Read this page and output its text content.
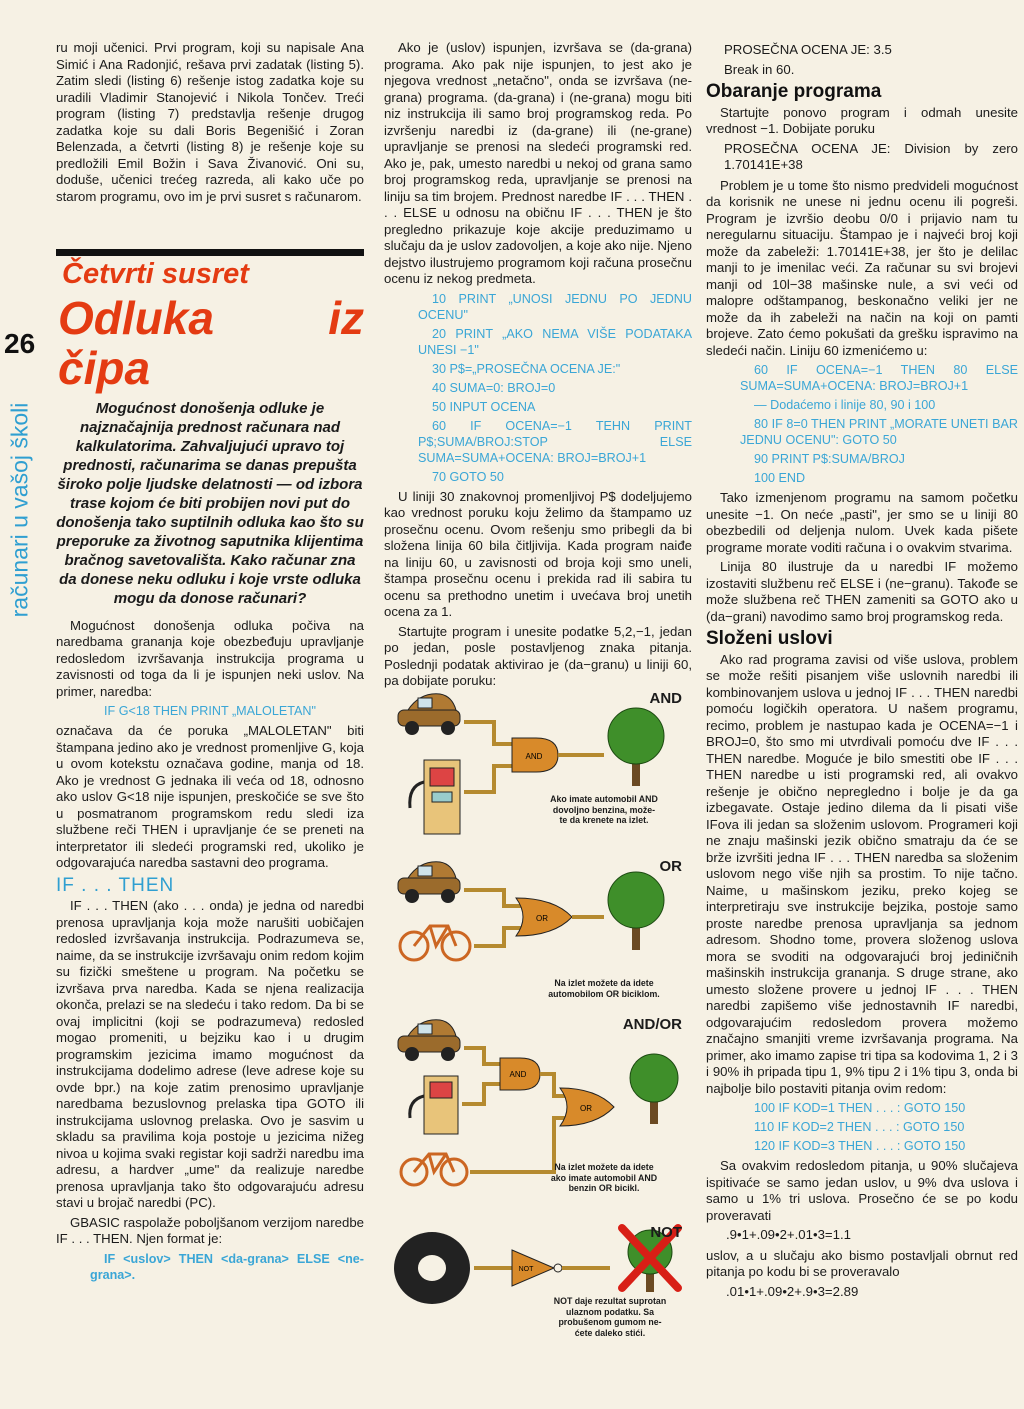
26
računari u vašoj školi

ru moji učenici. Prvi program, koji su napisale Ana Simić i Ana Radonjić, rešava prvi zadatak (listing 5). Zatim sledi (listing 6) rešenje istog zadatka koje su uradili Vladimir Stanojević i Nikola Tončev. Treći program (listing 7) predstavlja rešenje drugog zadatka koje su dali Boris Begenišić i Zoran Belenzada, a četvrti (listing 8) je rešenje koje su predložili Emil Božin i Sava Živanović. Oni su, doduše, učenici trećeg razreda, ali kako uče po starom programu, ovo im je prvi susret s računarom.

Četvrti susret
Odluka iz čipa
Mogućnost donošenja odluke je najznačajnija prednost računara nad kalkulatorima. Zahvaljujući upravo toj prednosti, računarima se danas prepušta široko polje ljudske delatnosti — od izbora trase kojom će biti probijen novi put do donošenja tako suptilnih odluka kao što su preporuke za životnog saputnika klijentima bračnog savetovališta. Kako računar zna da donese neku odluku i koje vrste odluka mogu da donose računari?

Mogućnost donošenja odluka počiva na naredbama grananja koje obezbeđuju upravljanje redosledom izvršavanja instrukcija programa u zavisnosti od toga da li je ispunjen neki uslov. Na primer, naredba:

IF G<18 THEN PRINT „MALOLETAN"

označava da će poruka „MALOLETAN" biti štampana jedino ako je vrednost promenljive G, koja u ovom kotekstu označava godine, manja od 18. Ako je vrednost G jednaka ili veća od 18, odnosno ako uslov G<18 nije ispunjen, preskočiće se sve što u posmatranom programskom redu sledi iza službene reči THEN i upravljanje će se preneti na interpretator ili sledeći programski red, ukoliko je odgovarajuća naredba sastavni deo programa.

IF . . . THEN

IF . . . THEN (ako . . . onda) je jedna od naredbi prenosa upravljanja koja može narušiti uobičajen redosled izvršavanja instrukcija. Podrazumeva se, naime, da se instrukcije izvršavaju onim redom kojim su fizički smeštene u program. Na početku se izvršava prva naredba. Kada se njena realizacija okonča, prelazi se na sledeću i tako redom. Da bi se ovaj implicitni (koji se podrazumeva) redosled mogao promeniti, u bejziku kao i u drugim programskim jezicima imamo mogućnost da instrukcijama dodelimo adrese (leve adrese koje su ovde bpr.) na koje zatim prenosimo upravljanje naredbama bezuslovnog prelaska tipa GOTO ili instrukcijama uslovnog prelaska. Ovo je sasvim u skladu sa pravilima koja postoje u jezicima nižeg nivoa u kojima svaki registar koji sadrži naredbu ima adresu, a hardver „ume" da realizuje naredbe prenosa upravljanja tako što odgovarajuću adresu stavi u brojač naredbi (PC).

GBASIC raspolaže poboljšanom verzijom naredbe IF . . . THEN. Njen format je:

IF <uslov> THEN <da-grana> ELSE <ne-grana>.

Ako je (uslov) ispunjen, izvršava se (da-grana) programa. Ako pak nije ispunjen, to jest ako je njegova vrednost „netačno", onda se izvršava (ne-grana) programa. (da-grana) i (ne-grana) mogu biti niz instrukcija ili samo broj programskog reda. Po izvršenju naredbi iz (da-grane) ili (ne-grane) upravljanje se prenosi na sledeći programski red. Ako je, pak, umesto naredbi u nekoj od grana samo broj programskog reda, upravljanje se prenosi na liniju sa tim brojem. Prednost naredbe IF . . . THEN . . . ELSE u odnosu na običnu IF . . . THEN je što preglednо prikazuje koje akcije preduzimamo u slučaju da je uslov zadovoljen, a koje ako nije. Njeno dejstvo ilustrujemo programom koji računa prosečnu ocenu iz nekog predmeta.

10 PRINT „UNOSI JEDNU PO JEDNU OCENU"

20 PRINT „AKO NEMA VIŠE PODATAKA UNESI −1"

30 P$=„PROSEČNA OCENA JE:"

40 SUMA=0: BROJ=0

50 INPUT OCENA

60 IF OCENA=−1 TEHN PRINT P$;SUMA/BROJ:STOP ELSE SUMA=SUMA+OCENA: BROJ=BROJ+1

70 GOTO 50

U liniji 30 znakovnoj promenljivoj P$ dodeljujemo kao vrednost poruku koju želimo da štampamo uz prosečnu ocenu. Ovom rešenju smo pribegli da bi složena linija 60 bila čitljivija. Kada program naiđe na liniju 60, u zavisnosti od broja koji smo uneli, štampa prosečnu ocenu i prekida rad ili sabira tu ocenu sa prethodno unetim i uvećava broj unetih ocena za 1.

Startujte program i unesite podatke 5,2,−1, jedan po jedan, posle postavljenog znaka pitanja. Poslednji podatak aktivirao je (da−granu) u liniji 60, pa dobijate poruku:

AND
AND
Ako imate automobil AND
dovoljno benzina, može-
te da krenete na izlet.
OR
OR
Na izlet možete da idete
automobilom OR biciklom.
AND
OR
AND/OR
Na izlet možete da idete
ako imate automobil AND
benzin OR bicikl.
NOT
NOT
NOT daje rezultat suprotan
ulaznom podatku. Sa
probušenom gumom ne-
ćete daleko stići.

PROSEČNA OCENA JE: 3.5

Break in 60.

Obaranje programa

Startujte ponovo program i odmah unesite vrednost −1. Dobijate poruku

PROSEČNA OCENA JE: Division by zero 1.70141E+38

Problem je u tome što nismo predvideli mogućnost da korisnik ne unese ni jednu ocenu ili pogreši. Program je izvršio deobu 0/0 i prijavio nam tu neregularnu situaciju. Štampao je i najveći broj koji može da zabeleži: 1.70141E+38, jer što je delilac manji to je imenilac veći. Za računar su svi brojevi manji od 10l−38 mašinske nule, a svi veći od malopre odštampanog, beskonačno veliki jer ne može da ih zabeleži na način na koji on pamti brojeve. Zato ćemo pokušati da grešku ispravimo na sledeći način. Liniju 60 izmenićemo u:

60 IF OCENA=−1 THEN 80 ELSE SUMA=SUMA+OCENA: BROJ=BROJ+1

— Dodaćemo i linije 80, 90 i 100

80 IF 8=0 THEN PRINT „MORATE UNETI BAR JEDNU OCENU": GOTO 50

90 PRINT P$:SUMA/BROJ

100 END

Tako izmenjenom programu na samom početku unesite −1. On neće „pasti", jer smo se u liniji 80 obezbedili od deljenja nulom. Uvek kada pišete programe morate voditi računa i o ovakvim stvarima.

Linija 80 ilustruje da u naredbi IF možemo izostaviti službenu reč ELSE i (ne−granu). Takođe se može službena reč THEN zameniti sa GOTO ako u (da−grani) navodimo samo broj programskog reda.

Složeni uslovi

Ako rad programa zavisi od više uslova, problem se može rešiti pisanjem više uslovnih naredbi ili kombinovanjem uslova u jednoj IF . . . THEN naredbi pomoću logičkih operatora. U našem programu, recimo, problem je nastupao kada je OCENA=−1 i BROJ=0, što smo mi utvrdivali pomoću dve IF . . . THEN naredbe. Moguće je bilo smestiti obe IF . . . THEN naredbe u isti programski red, ali ovakvo rešenje je obično nepregledno i bolje je da ga izbegavate. Ostaje jedino dilema da li pisati više IFova ili jedan sa složenim uslovom. Programeri koji ne znaju mašinski jezik obično smatraju da će se brže izvršiti jedna IF . . . THEN naredba sa složenim uslovom nego više njih sa prostim. To nije tačno. Naime, u mašinskom jeziku, preko kojeg se interpretiraju sve instrukcije bejzika, postoje samo proste naredbe prenosa upravljanja sa jednom adresom. Shodno tome, provera složenog uslova mora se svoditi na odgovarajući broj jediničnih mašinskih instrukcija grananja. S druge strane, ako umesto složene provere u jednoj IF . . . THEN naredbi zapišemo više jednostavnih IF naredbi, odgovarajućim redosledom provera možemo značajno smanjiti vreme izvršavanja programa. Na primer, ako imamo zapise tri tipa sa kodovima 1, 2 i 3 i 90% ih pripada tipu 1, 9% tipu 2 i 1% tipu 3, onda bi najbolje bilo postaviti pitanja ovim redom:

100 IF KOD=1 THEN . . . : GOTO 150

110 IF KOD=2 THEN . . . : GOTO 150

120 IF KOD=3 THEN . . . : GOTO 150

Sa ovakvim redosledom pitanja, u 90% slučajeva ispitivaće se samo jedan uslov, u 9% dva uslova i samo u 1% tri uslova. Prosečno će se po kodu proveravati

.9•1+.09•2+.01•3=1.1

uslov, a u slučaju ako bismo postavljali obrnut red pitanja po kodu bi se proveravalo

.01•1+.09•2+.9•3=2.89
